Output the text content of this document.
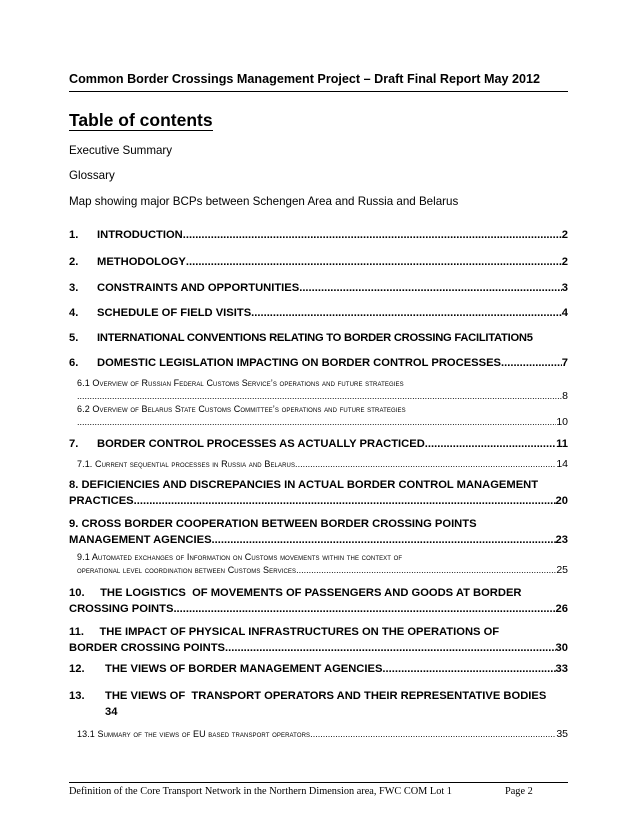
Common Border Crossings Management Project – Draft Final Report May 2012
Table of contents
Executive Summary
Glossary
Map showing major BCPs between Schengen Area and Russia and Belarus
1.	INTRODUCTION .....	2
2.	METHODOLOGY .....	2
3.	CONSTRAINTS AND OPPORTUNITIES .....	3
4.	SCHEDULE OF FIELD VISITS .....	4
5.	INTERNATIONAL CONVENTIONS RELATING TO BORDER CROSSING FACILITATION 5
6.	DOMESTIC LEGISLATION IMPACTING ON BORDER CONTROL PROCESSES .....	7
6.1 Overview of Russian Federal Customs Service’s operations and future strategies
.....
8
6.2 Overview of Belarus State Customs Committee’s operations and future strategies
.....
10
7.	BORDER CONTROL PROCESSES AS ACTUALLY PRACTICED .....	11
7.1. Current sequential processes in Russia and Belarus. .....	14
8. DEFICIENCIES AND DISCREPANCIES IN ACTUAL BORDER CONTROL MANAGEMENT
PRACTICES .....	20
9. CROSS BORDER COOPERATION BETWEEN BORDER CROSSING POINTS
MANAGEMENT AGENCIES .....	23
9.1 Automated exchanges of Information on Customs movements within the context of
operational level coordination between Customs Services .....	25
10.     THE LOGISTICS  OF MOVEMENTS OF PASSENGERS AND GOODS AT BORDER
CROSSING POINTS .....	26
11.     THE IMPACT OF PHYSICAL INFRASTRUCTURES ON THE OPERATIONS OF
BORDER CROSSING POINTS .....	30
12.	THE VIEWS OF BORDER MANAGEMENT AGENCIES .....	33
13.	THE VIEWS OF  TRANSPORT OPERATORS AND THEIR REPRESENTATIVE BODIES
34
13.1 Summary of the views of EU based transport operators. .....	35
Definition of the Core Transport Network in the Northern Dimension area, FWC COM Lot 1	Page 2
